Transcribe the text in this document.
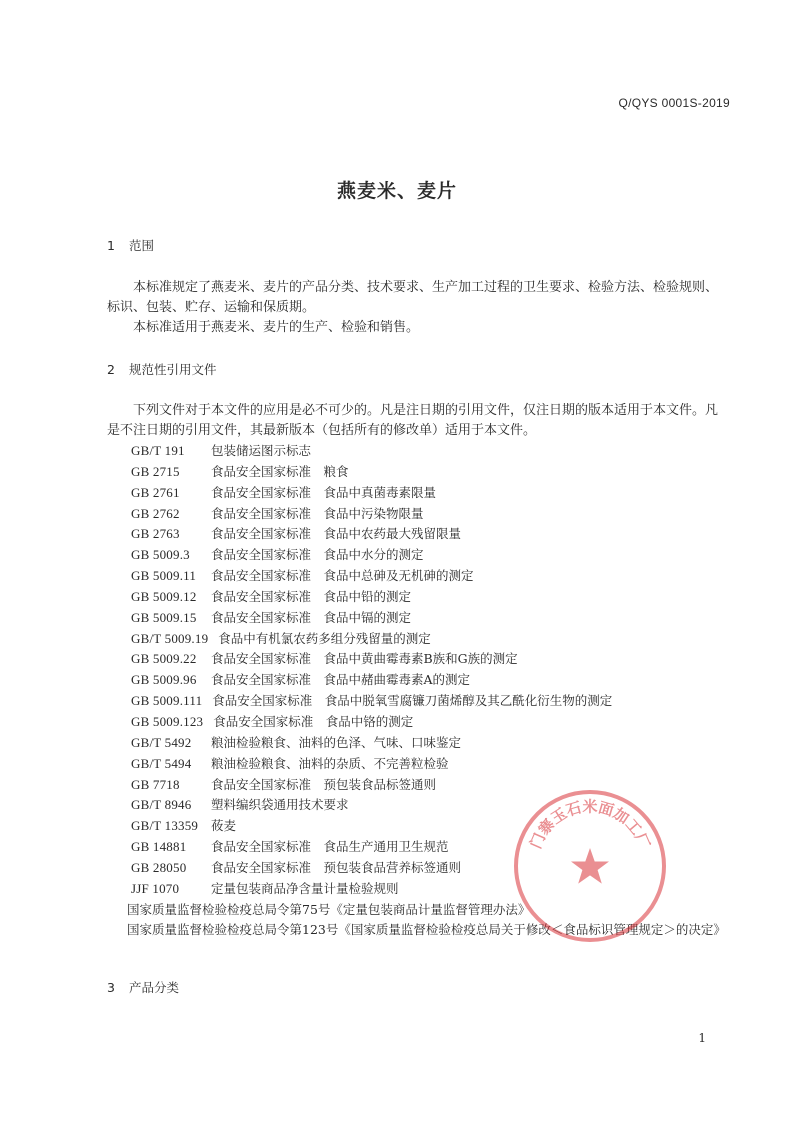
Q/QYS 0001S-2019
燕麦米、麦片
1 范围
本标准规定了燕麦米、麦片的产品分类、技术要求、生产加工过程的卫生要求、检验方法、检验规则、标识、包装、贮存、运输和保质期。
本标准适用于燕麦米、麦片的生产、检验和销售。
2 规范性引用文件
下列文件对于本文件的应用是必不可少的。凡是注日期的引用文件，仅注日期的版本适用于本文件。凡是不注日期的引用文件，其最新版本（包括所有的修改单）适用于本文件。
GB/T 191 包装储运图示标志
GB 2715	食品安全国家标准　粮食
GB 2761	食品安全国家标准　食品中真菌毒素限量
GB 2762	食品安全国家标准　食品中污染物限量
GB 2763	食品安全国家标准　食品中农药最大残留限量
GB 5009.3 食品安全国家标准　食品中水分的测定
GB 5009.11 食品安全国家标准　食品中总砷及无机砷的测定
GB 5009.12 食品安全国家标准　食品中铅的测定
GB 5009.15 食品安全国家标准　食品中镉的测定
GB/T 5009.19 食品中有机氯农药多组分残留量的测定
GB 5009.22 食品安全国家标准　食品中黄曲霉毒素B族和G族的测定
GB 5009.96 食品安全国家标准　食品中赭曲霉毒素A的测定
GB 5009.111 食品安全国家标准　食品中脱氧雪腐镰刀菌烯醇及其乙酰化衍生物的测定
GB 5009.123 食品安全国家标准　食品中铬的测定
GB/T 5492 粮油检验粮食、油料的色泽、气味、口味鉴定
GB/T 5494 粮油检验粮食、油料的杂质、不完善粒检验
GB 7718	食品安全国家标准　预包装食品标签通则
GB/T 8946 塑料编织袋通用技术要求
GB/T 13359 莜麦
GB 14881 食品安全国家标准　食品生产通用卫生规范
GB 28050 食品安全国家标准　预包装食品营养标签通则
JJF 1070	定量包装商品净含量计量检验规则
国家质量监督检验检疫总局令第75号《定量包装商品计量监督管理办法》
国家质量监督检验检疫总局令第123号《国家质量监督检验检疫总局关于修改＜食品标识管理规定＞的决定》
3 产品分类
1
门寨玉石米面加工厂
